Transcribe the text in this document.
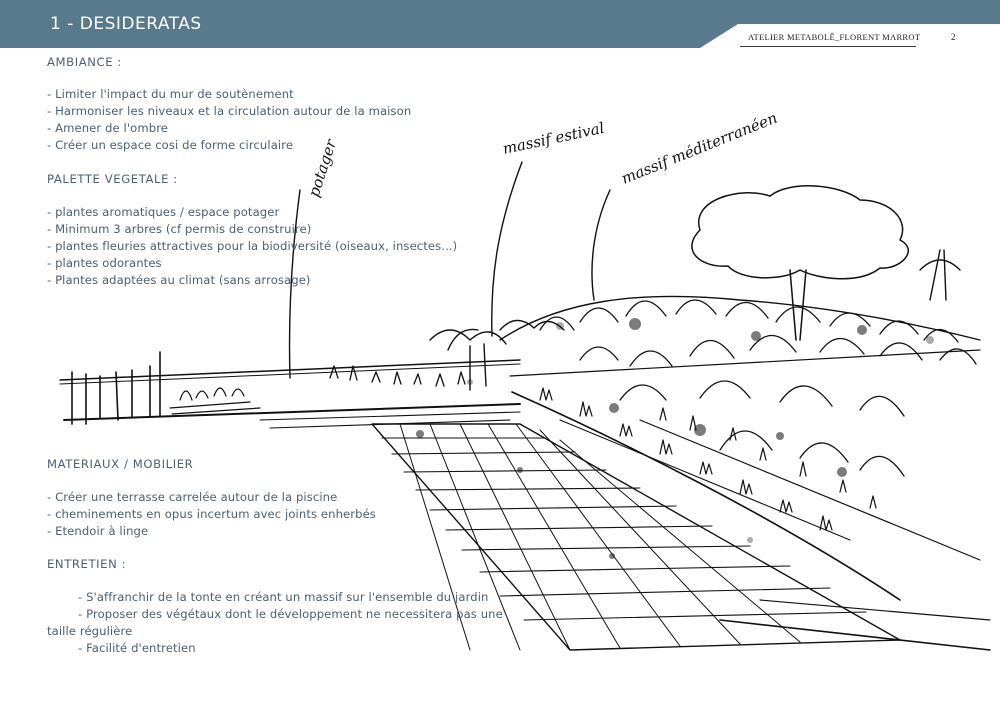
1 - DESIDERATAS
ATELIER METABOLÊ_FLORENT MARROT	2
potager	massif estival massif méditerranéen
AMBIANCE :
- Limiter l'impact du mur de soutènement
- Harmoniser les niveaux et la circulation autour de la maison
- Amener de l'ombre
- Créer un espace cosi de forme circulaire
PALETTE VEGETALE :
- plantes aromatiques / espace potager
- Minimum 3 arbres (cf permis de construire)
- plantes fleuries attractives pour la biodiversité (oiseaux, insectes...)
- plantes odorantes
- Plantes adaptées au climat (sans arrosage)
MATERIAUX / MOBILIER
- Créer une terrasse carrelée autour de la piscine
- cheminements en opus incertum avec joints enherbés
- Etendoir à linge
ENTRETIEN :
- S'affranchir de la tonte en créant un massif sur l'ensemble du jardin
- Proposer des végétaux dont le développement ne necessitera pas une
taille régulière
- Facilité d'entretien
